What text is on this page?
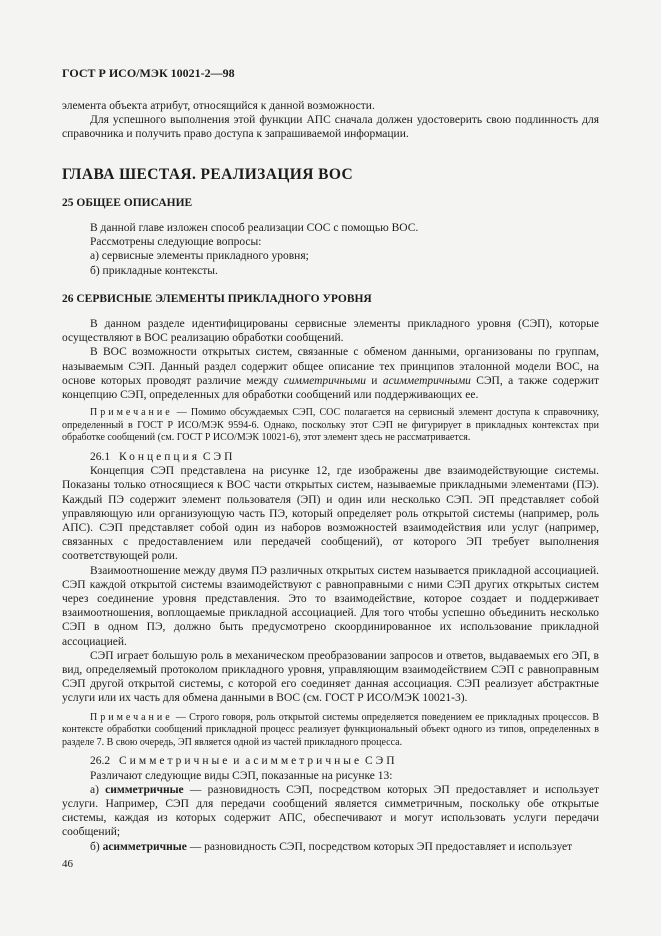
ГОСТ Р ИСО/МЭК 10021-2—98

элемента объекта атрибут, относящийся к данной возможности.

Для успешного выполнения этой функции АПС сначала должен удостоверить свою подлинность для справочника и получить право доступа к запрашиваемой информации.

ГЛАВА ШЕСТАЯ. РЕАЛИЗАЦИЯ ВОС

25 ОБЩЕЕ ОПИСАНИЕ

В данной главе изложен способ реализации СОС с помощью ВОС.

Рассмотрены следующие вопросы:

а) сервисные элементы прикладного уровня;

б) прикладные контексты.

26 СЕРВИСНЫЕ ЭЛЕМЕНТЫ ПРИКЛАДНОГО УРОВНЯ

В данном разделе идентифицированы сервисные элементы прикладного уровня (СЭП), которые осуществляют в ВОС реализацию обработки сообщений.

В ВОС возможности открытых систем, связанные с обменом данными, организованы по группам, называемым СЭП. Данный раздел содержит общее описание тех принципов эталонной модели ВОС, на основе которых проводят различие между симметричными и асимметричными СЭП, а также содержит концепцию СЭП, определенных для обработки сообщений или поддерживающих ее.

Примечание — Помимо обсуждаемых СЭП, СОС полагается на сервисный элемент доступа к справочнику, определенный в ГОСТ Р ИСО/МЭК 9594-6. Однако, поскольку этот СЭП не фигурирует в прикладных контекстах при обработке сообщений (см. ГОСТ Р ИСО/МЭК 10021-6), этот элемент здесь не рассматривается.

26.1 Концепция СЭП

Концепция СЭП представлена на рисунке 12, где изображены две взаимодействующие системы. Показаны только относящиеся к ВОС части открытых систем, называемые прикладными элементами (ПЭ). Каждый ПЭ содержит элемент пользователя (ЭП) и один или несколько СЭП. ЭП представляет собой управляющую или организующую часть ПЭ, который определяет роль открытой системы (например, роль АПС). СЭП представляет собой один из наборов возможностей взаимодействия или услуг (например, связанных с предоставлением или передачей сообщений), от которого ЭП требует выполнения соответствующей роли.

Взаимоотношение между двумя ПЭ различных открытых систем называется прикладной ассоциацией. СЭП каждой открытой системы взаимодействуют с равноправными с ними СЭП других открытых систем через соединение уровня представления. Это то взаимодействие, которое создает и поддерживает взаимоотношения, воплощаемые прикладной ассоциацией. Для того чтобы успешно объединить несколько СЭП в одном ПЭ, должно быть предусмотрено скоординированное их использование прикладной ассоциацией.

СЭП играет большую роль в механическом преобразовании запросов и ответов, выдаваемых его ЭП, в вид, определяемый протоколом прикладного уровня, управляющим взаимодействием СЭП с равноправным СЭП другой открытой системы, с которой его соединяет данная ассоциация. СЭП реализует абстрактные услуги или их часть для обмена данными в ВОС (см. ГОСТ Р ИСО/МЭК 10021-3).

Примечание — Строго говоря, роль открытой системы определяется поведением ее прикладных процессов. В контексте обработки сообщений прикладной процесс реализует функциональный объект одного из типов, определенных в разделе 7. В свою очередь, ЭП является одной из частей прикладного процесса.

26.2 Симметричные и асимметричные СЭП

Различают следующие виды СЭП, показанные на рисунке 13:

а) симметричные — разновидность СЭП, посредством которых ЭП предоставляет и использует услуги. Например, СЭП для передачи сообщений является симметричным, поскольку обе открытые системы, каждая из которых содержит АПС, обеспечивают и могут использовать услуги передачи сообщений;

б) асимметричные — разновидность СЭП, посредством которых ЭП предоставляет и использует

46
